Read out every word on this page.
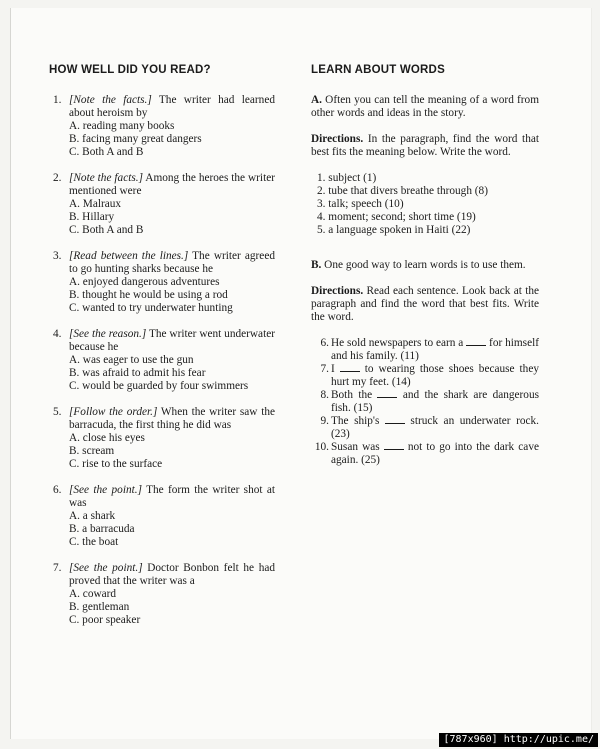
HOW WELL DID YOU READ?
1. [Note the facts.] The writer had learned about heroism by
A. reading many books
B. facing many great dangers
C. Both A and B
2. [Note the facts.] Among the heroes the writer mentioned were
A. Malraux
B. Hillary
C. Both A and B
3. [Read between the lines.] The writer agreed to go hunting sharks because he
A. enjoyed dangerous adventures
B. thought he would be using a rod
C. wanted to try underwater hunting
4. [See the reason.] The writer went underwater because he
A. was eager to use the gun
B. was afraid to admit his fear
C. would be guarded by four swimmers
5. [Follow the order.] When the writer saw the barracuda, the first thing he did was
A. close his eyes
B. scream
C. rise to the surface
6. [See the point.] The form the writer shot at was
A. a shark
B. a barracuda
C. the boat
7. [See the point.] Doctor Bonbon felt he had proved that the writer was a
A. coward
B. gentleman
C. poor speaker
LEARN ABOUT WORDS

A. Often you can tell the meaning of a word from other words and ideas in the story.

Directions. In the paragraph, find the word that best fits the meaning below. Write the word.

1. subject (1)
2. tube that divers breathe through (8)
3. talk; speech (10)
4. moment; second; short time (19)
5. a language spoken in Haiti (22)

B. One good way to learn words is to use them.

Directions. Read each sentence. Look back at the paragraph and find the word that best fits. Write the word.

6. He sold newspapers to earn a  for himself and his family. (11)
7. I  to wearing those shoes because they hurt my feet. (14)
8. Both the  and the shark are dangerous fish. (15)
9. The ship's  struck an underwater rock. (23)
10. Susan was  not to go into the dark cave again. (25)
[787x960] http://upic.me/
